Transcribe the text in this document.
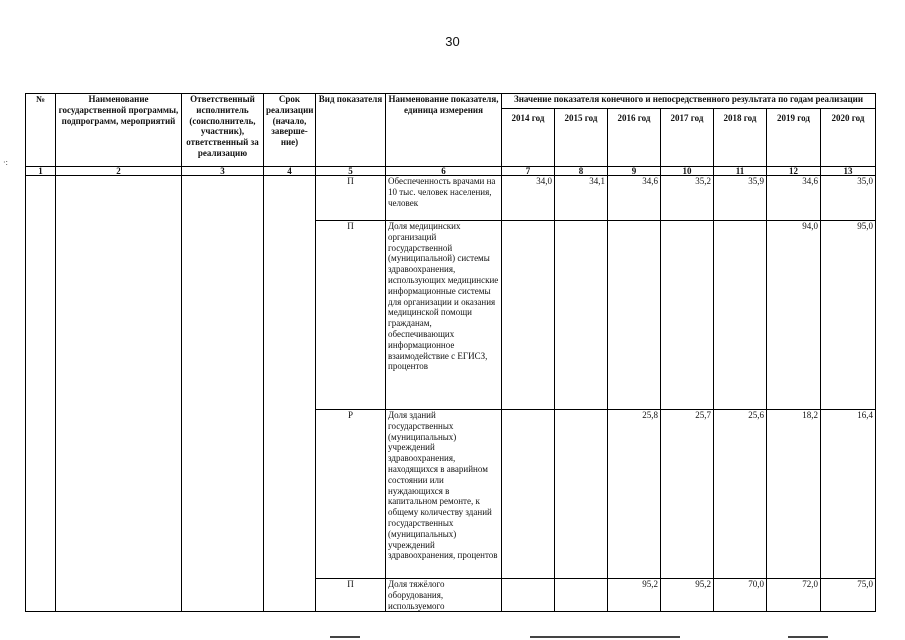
30
·:
№	Наименование государственной программы, подпрограмм, мероприятий	Ответственный исполнитель (соисполнитель, участник), ответственный за реализацию	Срок реализации (начало, заверше-ние)	Вид показателя	Наименование показателя, единица измерения	Значение показателя конечного и непосредственного результата по годам реализации						
						2014 год	2015 год	2016 год	2017 год	2018 год	2019 год	2020 год
1	2	3	4	5	6	7	8	9	10	11	12	13
				П	Обеспеченность врачами на 10 тыс. человек населения, человек	34,0	34,1	34,6	35,2	35,9	34,6	35,0
				П	Доля медицинских организаций государственной (муниципальной) системы здравоохранения, использующих медицинские информационные системы для организации и оказания медицинской помощи гражданам, обеспечивающих информационное взаимодействие с ЕГИСЗ, процентов						94,0	95,0
				Р	Доля зданий государственных (муниципальных) учреждений здравоохранения, находящихся в аварийном состоянии или нуждающихся в капитальном ремонте, к общему количеству зданий государственных (муниципальных) учреждений здравоохранения, процентов			25,8	25,7	25,6	18,2	16,4
				П	Доля тяжёлого оборудования, используемого			95,2	95,2	70,0	72,0	75,0
